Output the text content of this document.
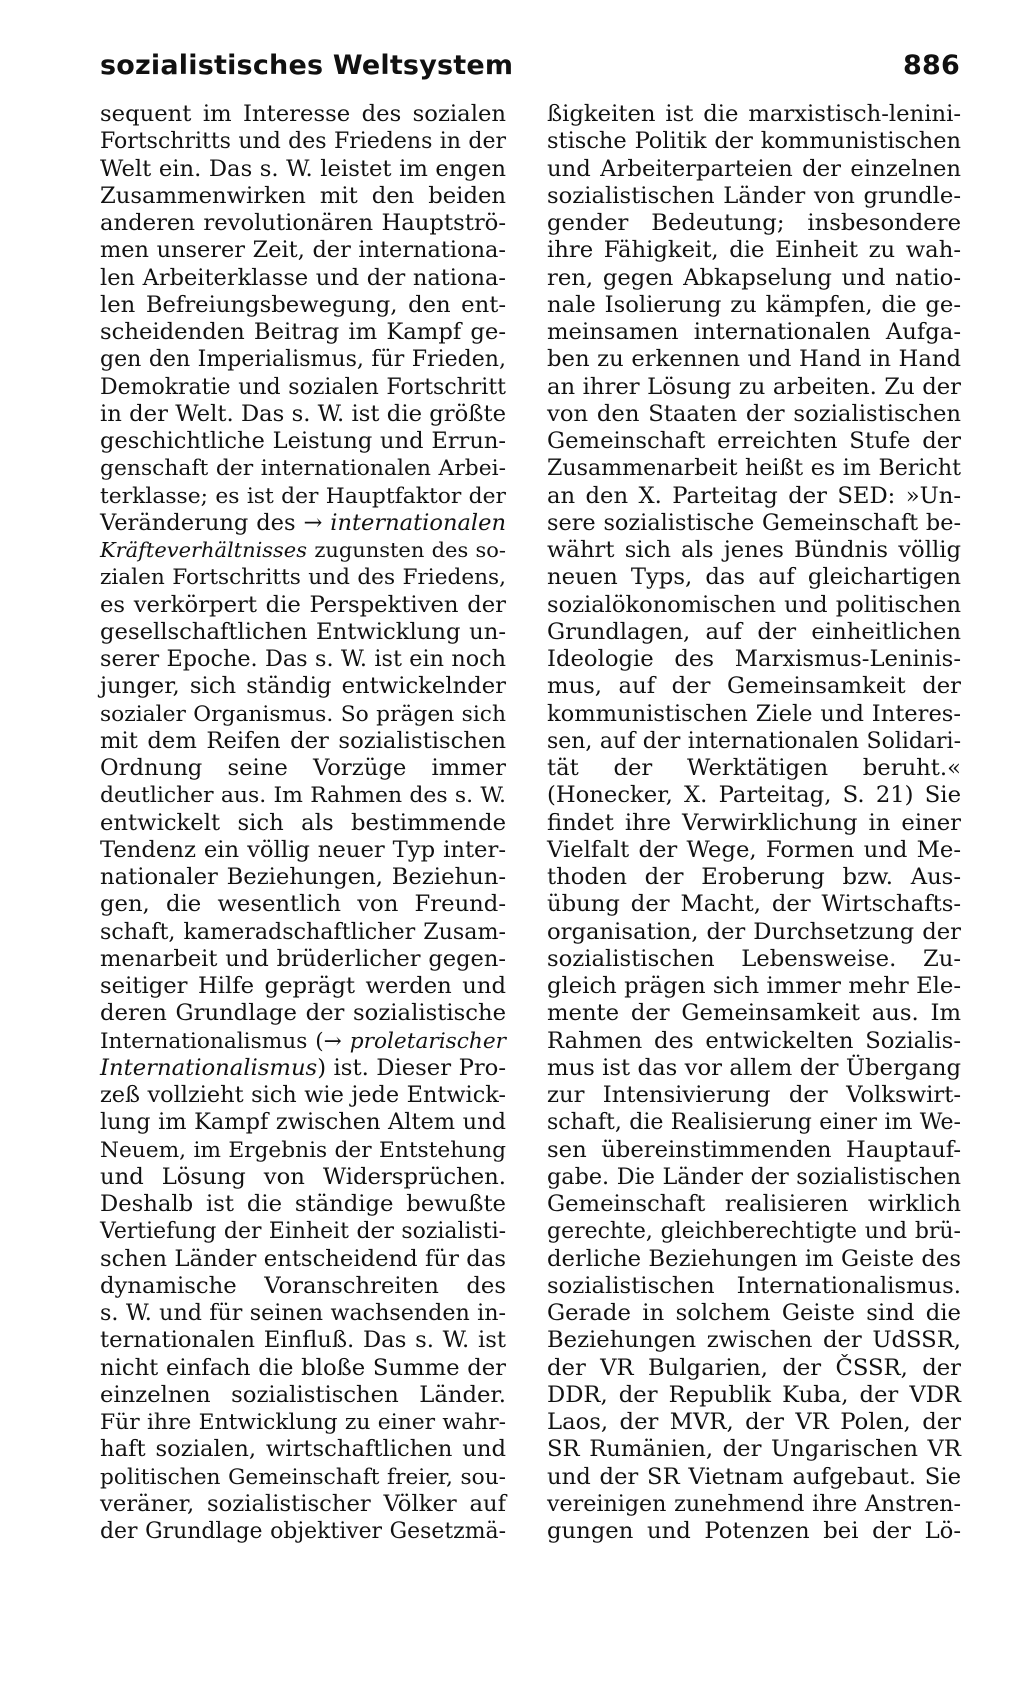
sozialistisches Weltsystem	886
sequent im Interesse des sozialen
Fortschritts und des Friedens in der
Welt ein. Das s. W. leistet im engen
Zusammenwirken mit den beiden
anderen revolutionären Hauptströ-
men unserer Zeit, der internationa-
len Arbeiterklasse und der nationa-
len Befreiungsbewegung, den ent-
scheidenden Beitrag im Kampf ge-
gen den Imperialismus, für Frieden,
Demokratie und sozialen Fortschritt
in der Welt. Das s. W. ist die größte
geschichtliche Leistung und Errun-
genschaft der internationalen Arbei-
terklasse; es ist der Hauptfaktor der
Veränderung des → internationalen
Kräfteverhältnisses zugunsten des so-
zialen Fortschritts und des Friedens,
es verkörpert die Perspektiven der
gesellschaftlichen Entwicklung un-
serer Epoche. Das s. W. ist ein noch
junger, sich ständig entwickelnder
sozialer Organismus. So prägen sich
mit dem Reifen der sozialistischen
Ordnung seine Vorzüge immer
deutlicher aus. Im Rahmen des s. W.
entwickelt sich als bestimmende
Tendenz ein völlig neuer Typ inter-
nationaler Beziehungen, Beziehun-
gen, die wesentlich von Freund-
schaft, kameradschaftlicher Zusam-
menarbeit und brüderlicher gegen-
seitiger Hilfe geprägt werden und
deren Grundlage der sozialistische
Internationalismus (→ proletarischer
Internationalismus) ist. Dieser Pro-
zeß vollzieht sich wie jede Entwick-
lung im Kampf zwischen Altem und
Neuem, im Ergebnis der Entstehung
und Lösung von Widersprüchen.
Deshalb ist die ständige bewußte
Vertiefung der Einheit der sozialisti-
schen Länder entscheidend für das
dynamische Voranschreiten des
s. W. und für seinen wachsenden in-
ternationalen Einfluß. Das s. W. ist
nicht einfach die bloße Summe der
einzelnen sozialistischen Länder.
Für ihre Entwicklung zu einer wahr-
haft sozialen, wirtschaftlichen und
politischen Gemeinschaft freier, sou-
veräner, sozialistischer Völker auf
der Grundlage objektiver Gesetzmä-
ßigkeiten ist die marxistisch-lenini-
stische Politik der kommunistischen
und Arbeiterparteien der einzelnen
sozialistischen Länder von grundle-
gender Bedeutung; insbesondere
ihre Fähigkeit, die Einheit zu wah-
ren, gegen Abkapselung und natio-
nale Isolierung zu kämpfen, die ge-
meinsamen internationalen Aufga-
ben zu erkennen und Hand in Hand
an ihrer Lösung zu arbeiten. Zu der
von den Staaten der sozialistischen
Gemeinschaft erreichten Stufe der
Zusammenarbeit heißt es im Bericht
an den X. Parteitag der SED: »Un-
sere sozialistische Gemeinschaft be-
währt sich als jenes Bündnis völlig
neuen Typs, das auf gleichartigen
sozialökonomischen und politischen
Grundlagen, auf der einheitlichen
Ideologie des Marxismus-Leninis-
mus, auf der Gemeinsamkeit der
kommunistischen Ziele und Interes-
sen, auf der internationalen Solidari-
tät der Werktätigen beruht.«
(Honecker, X. Parteitag, S. 21) Sie
findet ihre Verwirklichung in einer
Vielfalt der Wege, Formen und Me-
thoden der Eroberung bzw. Aus-
übung der Macht, der Wirtschafts-
organisation, der Durchsetzung der
sozialistischen Lebensweise. Zu-
gleich prägen sich immer mehr Ele-
mente der Gemeinsamkeit aus. Im
Rahmen des entwickelten Sozialis-
mus ist das vor allem der Übergang
zur Intensivierung der Volkswirt-
schaft, die Realisierung einer im We-
sen übereinstimmenden Hauptauf-
gabe. Die Länder der sozialistischen
Gemeinschaft realisieren wirklich
gerechte, gleichberechtigte und brü-
derliche Beziehungen im Geiste des
sozialistischen Internationalismus.
Gerade in solchem Geiste sind die
Beziehungen zwischen der UdSSR,
der VR Bulgarien, der ČSSR, der
DDR, der Republik Kuba, der VDR
Laos, der MVR, der VR Polen, der
SR Rumänien, der Ungarischen VR
und der SR Vietnam aufgebaut. Sie
vereinigen zunehmend ihre Anstren-
gungen und Potenzen bei der Lö-
